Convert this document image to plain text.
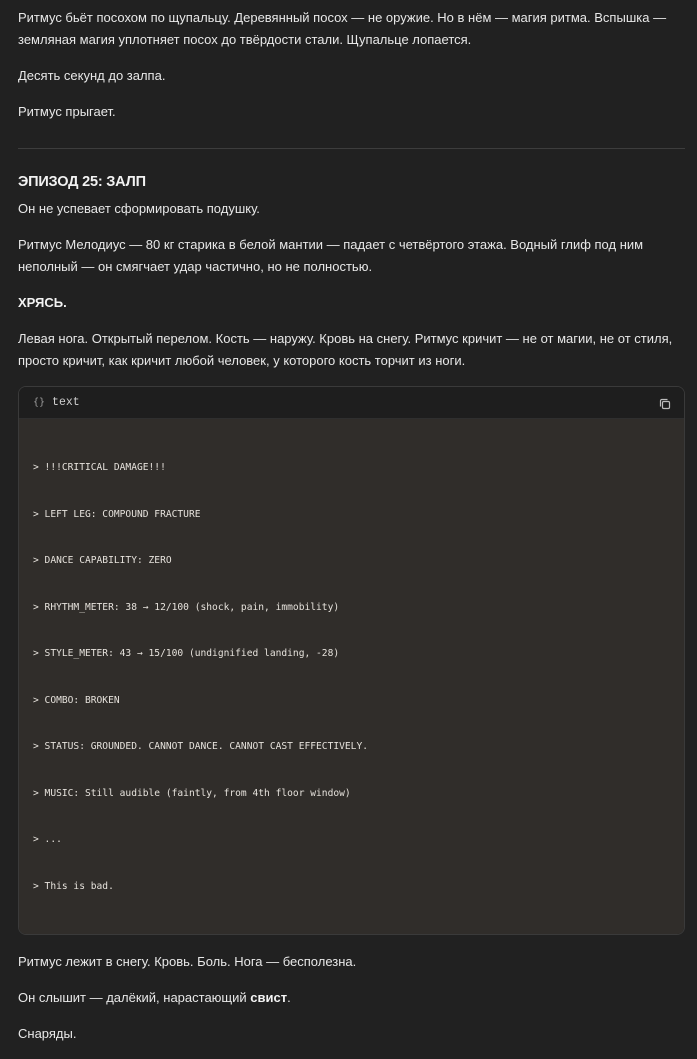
Ритмус бьёт посохом по щупальцу. Деревянный посох — не оружие. Но в нём — магия ритма. Вспышка — земляная магия уплотняет посох до твёрдости стали. Щупальце лопается.

Десять секунд до залпа.

Ритмус прыгает.

ЭПИЗОД 25: ЗАЛП

Он не успевает сформировать подушку.

Ритмус Мелодиус — 80 кг старика в белой мантии — падает с четвёртого этажа. Водный глиф под ним неполный — он смягчает удар частично, но не полностью.

ХРЯСЬ.

Левая нога. Открытый перелом. Кость — наружу. Кровь на снегу. Ритмус кричит — не от магии, не от стиля, просто кричит, как кричит любой человек, у которого кость торчит из ноги.

{} text

> !!!CRITICAL DAMAGE!!!

> LEFT LEG: COMPOUND FRACTURE

> DANCE CAPABILITY: ZERO

> RHYTHM_METER: 38 → 12/100 (shock, pain, immobility)

> STYLE_METER: 43 → 15/100 (undignified landing, -28)

> COMBO: BROKEN

> STATUS: GROUNDED. CANNOT DANCE. CANNOT CAST EFFECTIVELY.

> MUSIC: Still audible (faintly, from 4th floor window)

> ...

> This is bad.

Ритмус лежит в снегу. Кровь. Боль. Нога — бесполезна.

Он слышит — далёкий, нарастающий свист.

Снаряды.
